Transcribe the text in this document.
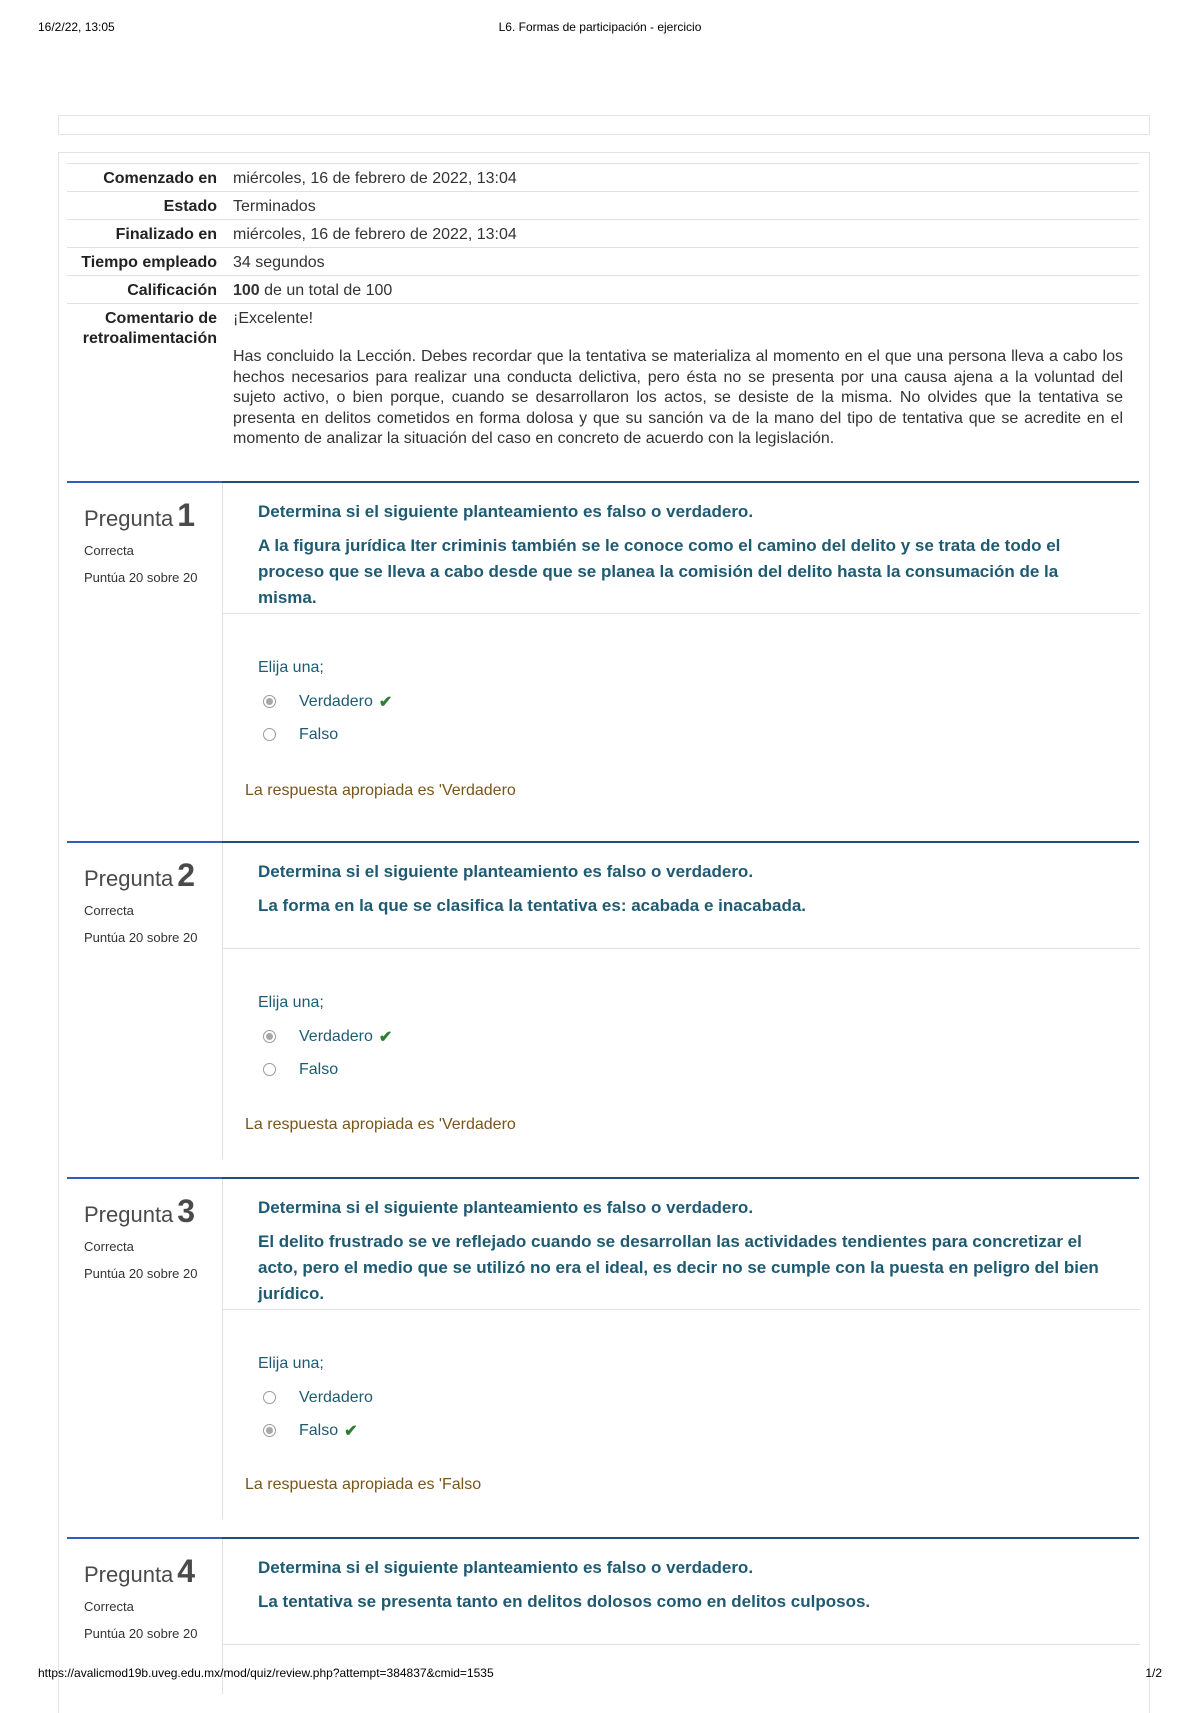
16/2/22, 13:05	L6. Formas de participación - ejercicio
Comenzado en	miércoles, 16 de febrero de 2022, 13:04
Estado	Terminados
Finalizado en	miércoles, 16 de febrero de 2022, 13:04
Tiempo empleado	34 segundos
Calificación	100 de un total de 100
Comentario de
retroalimentación

¡Excelente!

Has concluido la Lección. Debes recordar que la tentativa se materializa al momento en el que una persona lleva a cabo los hechos necesarios para realizar una conducta delictiva, pero ésta no se presenta por una causa ajena a la voluntad del sujeto activo, o bien porque, cuando se desarrollaron los actos, se desiste de la misma. No olvides que la tentativa se presenta en delitos cometidos en forma dolosa y que su sanción va de la mano del tipo de tentativa que se acredite en el momento de analizar la situación del caso en concreto de acuerdo con la legislación.

Pregunta 1
Correcta
Puntúa 20 sobre 20

Determina si el siguiente planteamiento es falso o verdadero.

A la figura jurídica Iter criminis también se le conoce como el camino del delito y se trata de todo el proceso que se lleva a cabo desde que se planea la comisión del delito hasta la consumación de la misma.

Elija una;

Verdadero ✔
Falso
La respuesta apropiada es 'Verdadero
Pregunta 2
Correcta
Puntúa 20 sobre 20

Determina si el siguiente planteamiento es falso o verdadero.

La forma en la que se clasifica la tentativa es: acabada e inacabada.

Elija una;

Verdadero ✔
Falso
La respuesta apropiada es 'Verdadero
Pregunta 3
Correcta
Puntúa 20 sobre 20

Determina si el siguiente planteamiento es falso o verdadero.

El delito frustrado se ve reflejado cuando se desarrollan las actividades tendientes para concretizar el acto, pero el medio que se utilizó no era el ideal, es decir no se cumple con la puesta en peligro del bien jurídico.

Elija una;

Verdadero
Falso ✔
La respuesta apropiada es 'Falso
Pregunta 4
Correcta
Puntúa 20 sobre 20

Determina si el siguiente planteamiento es falso o verdadero.

La tentativa se presenta tanto en delitos dolosos como en delitos culposos.

https://avalicmod19b.uveg.edu.mx/mod/quiz/review.php?attempt=384837&cmid=1535	1/2
